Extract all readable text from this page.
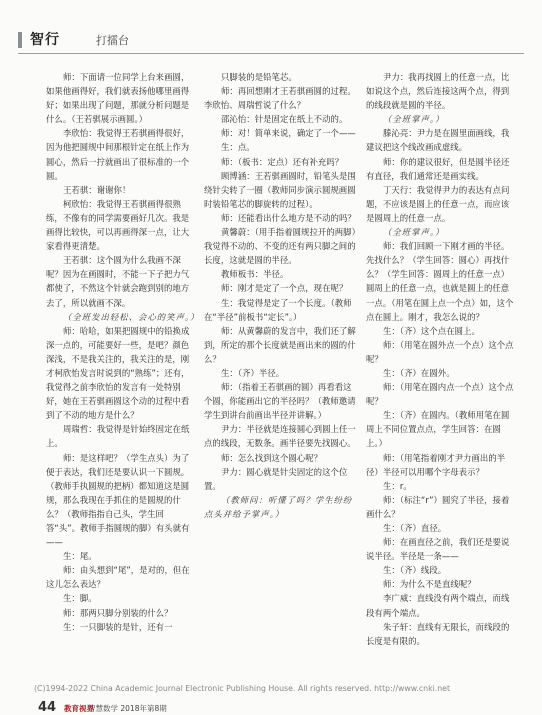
智行	打擂台

师：下面请一位同学上台来画圆，如果他画得好，我们就表扬他哪里画得好；如果出现了问题，那就分析问题是什么。（王若骐展示画圆。）

李欣怡：我觉得王若骐画得很好，因为他把圆规中间那根针定在纸上作为圆心，然后一拧就画出了很标准的一个圆。

王若骐：谢谢你！

柯欣怡：我觉得王若骐画得很熟练，不像有的同学需要画好几次。我是画得比较快，可以再画得深一点，让大家看得更清楚。

王若骐：这个圆为什么我画不深呢？因为在画圆时，不能一下子把力气都使了，不然这个针就会跑到别的地方去了，所以就画不深。

（全班发出轻松、会心的笑声。）

师：哈哈，如果把圆规中的铅换成深一点的，可能要好一些，是吧？颜色深浅，不是我关注的，我关注的是，刚才柯欣怡发言时说到的“熟练”；还有，我觉得之前李欣怡的发言有一处特别好，她在王若骐画圆这个动的过程中看到了不动的地方是什么？

周瑞哲：我觉得是针始终固定在纸上。

师：是这样吧？（学生点头）为了便于表达，我们还是要认识一下圆规。（教师手执圆规的把柄）都知道这是圆规，那么我现在手抓住的是圆规的什么？（教师指指自己头，学生回答“头”。教师手指圆规的脚）有头就有——

生：尾。

师：由头想到“尾”，是对的，但在这儿怎么表达？

生：脚。

师：那两只脚分别装的什么？

生：一只脚装的是针，还有一

只脚装的是铅笔芯。

师：再回想刚才王若骐画圆的过程。李欣怡、周瑞哲说了什么？

邵沁怡：针是固定在纸上不动的。

师：对！简单来说，确定了一个——

生：点。

师：（板书：定点）还有补充吗？

顾博涵：王若骐画圆时，铅笔头是围绕针尖转了一圈（教师同步演示圆规画圆时装铅笔芯的脚旋转的过程）。

师：还能看出什么地方是不动的吗？

黄馨蔚：（用手指着圆规拉开的两脚）我觉得不动的、不变的还有两只脚之间的长度，这就是圆的半径。

教师板书：半径。

师：刚才是定了一个点，现在呢？

生：我觉得是定了一个长度。（教师在“半径”前板书“定长”。）

师：从黄馨蔚的发言中，我们还了解到，所定的那个长度就是画出来的圆的什么？

生：（齐）半径。

师：（指着王若骐画的圆）再看看这个圆，你能画出它的半径吗？（教师邀请学生到讲台前画出半径并讲解。）

尹力：半径就是连接圆心到圆上任一点的线段，无数条。画半径要先找圆心。

师：怎么找到这个圆心呢？

尹力：圆心就是针尖固定的这个位置。

（教师问：听懂了吗？学生纷纷点头并给予掌声。）

尹力：我再找圆上的任意一点，比如说这个点，然后连接这两个点，得到的线段就是圆的半径。

（全班掌声。）

滕沁亮：尹力是在圆里面画线，我建议把这个线改画成虚线。

师：你的建议很好，但是圆半径还有直径，我们通常还是画实线。

丁天行：我觉得尹力的表达有点问题，不应该是圆上的任意一点，而应该是圆周上的任意一点。

（全班掌声。）

师：我们回顾一下刚才画的半径。先找什么？（学生回答：圆心）再找什么？（学生回答：圆周上的任意一点）圆周上的任意一点，也就是圆上的任意一点。（用笔在圆上点一个点）如，这个点在圆上。刚才，我怎么说的？

生：（齐）这个点在圆上。

师：（用笔在圆外点一个点）这个点呢？

生：（齐）在圆外。

师：（用笔在圆内点一个点）这个点呢？

生：（齐）在圆内。（教师用笔在圆周上不同位置点点，学生回答：在圆上。）

师：（用笔指着刚才尹力画出的半径）半径可以用哪个字母表示？

生：r。

师：（标注“r”）圆究了半径，接着画什么？

生：（齐）直径。

师：在画直径之前，我们还是要说说半径。半径是一条——

生：（齐）线段。

师：为什么不是直线呢？

李广威：直线没有两个端点，而线段有两个端点。

朱子轩：直线有无限长，而线段的长度是有限的。

(C)1994-2022 China Academic Journal Electronic Publishing House. All rights reserved. http://www.cnki.net
44 教育视界
智慧数学 2018年第8期
